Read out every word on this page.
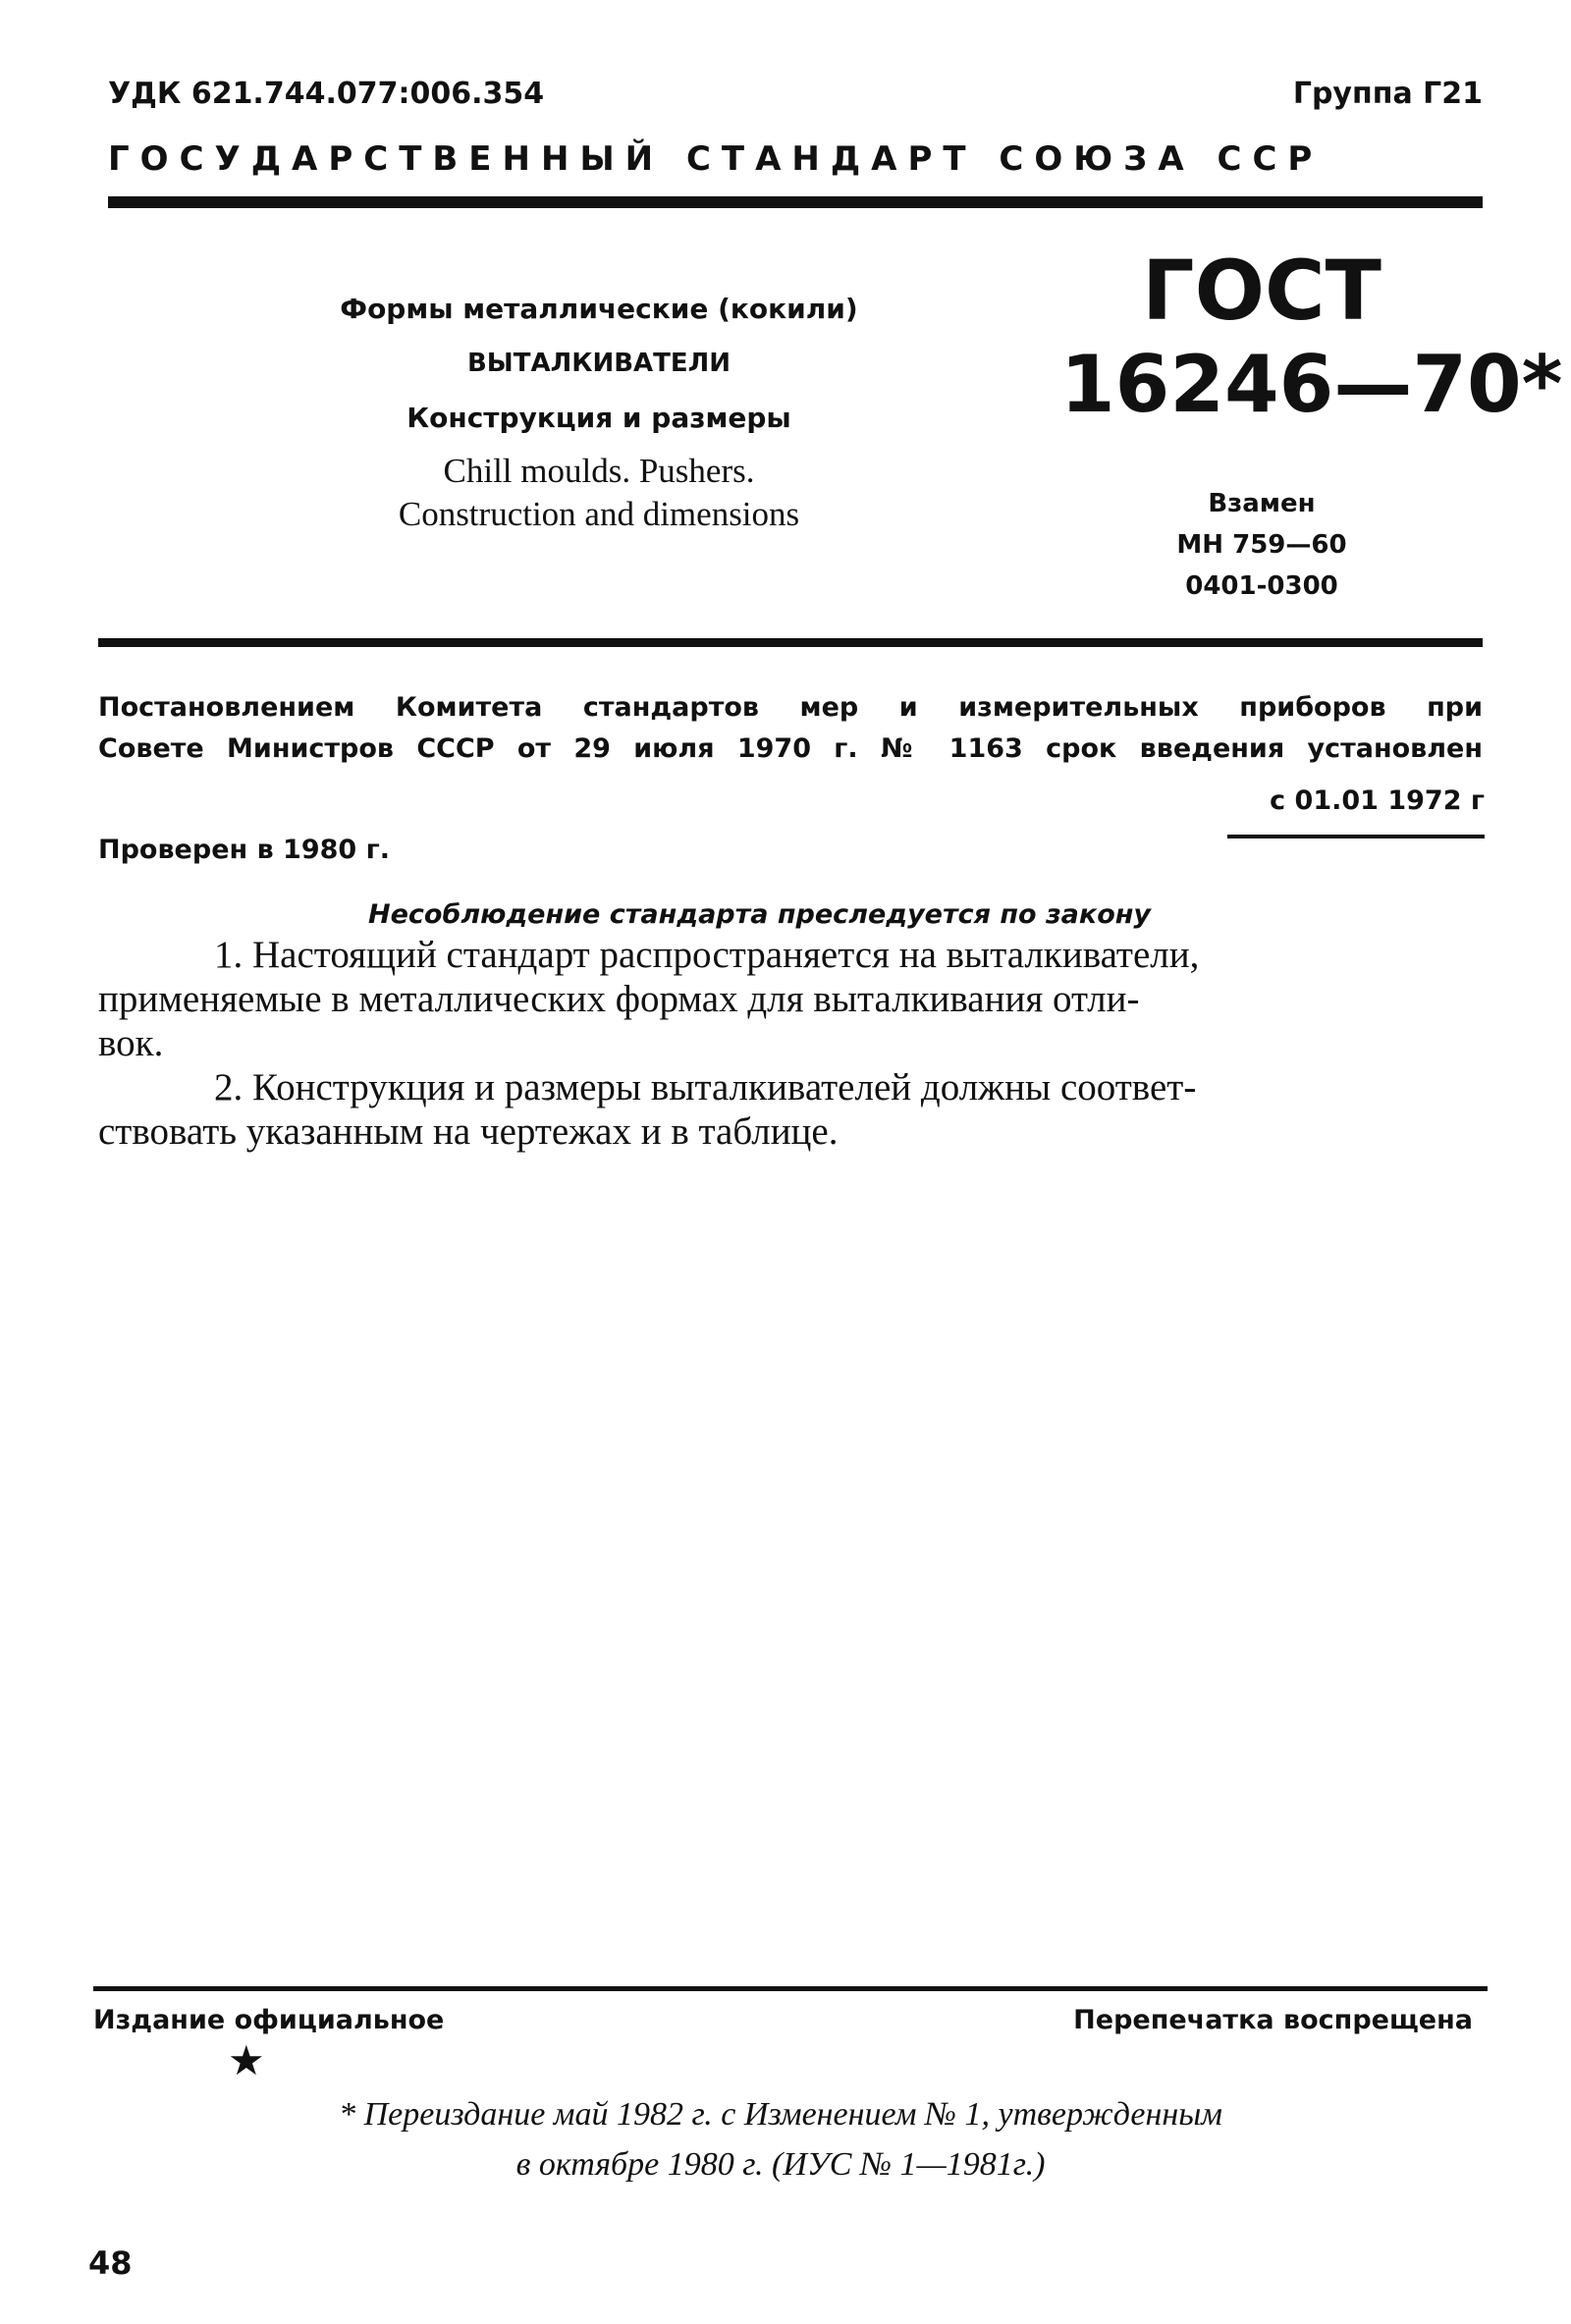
УДК 621.744.077:006.354	Группа Г21
ГОСУДАРСТВЕННЫЙ СТАНДАРТ СОЮЗА ССР
Формы металлические (кокили)
ВЫТАЛКИВАТЕЛИ
Конструкция и размеры
Chill moulds. Pushers.
Construction and dimensions
ГОСТ
16246—70*
Взамен
МН 759—60
0401-0300
Постановлением Комитета стандартов мер и измерительных приборов при
Совете Министров СССР от 29 июля 1970 г. № 1163 срок введения установлен
с 01.01 1972 г
Проверен в 1980 г.
Несоблюдение стандарта преследуется по закону

1. Настоящий стандарт распространяется на выталкиватели,

применяемые в металлических формах для выталкивания отли-

вок.

2. Конструкция и размеры выталкивателей должны соответ-

ствовать указанным на чертежах и в таблице.

Издание официальное	Перепечатка воспрещена
★
* Переиздание май 1982 г. с Изменением № 1, утвержденным
в октябре 1980 г. (ИУС № 1—1981г.)
48
